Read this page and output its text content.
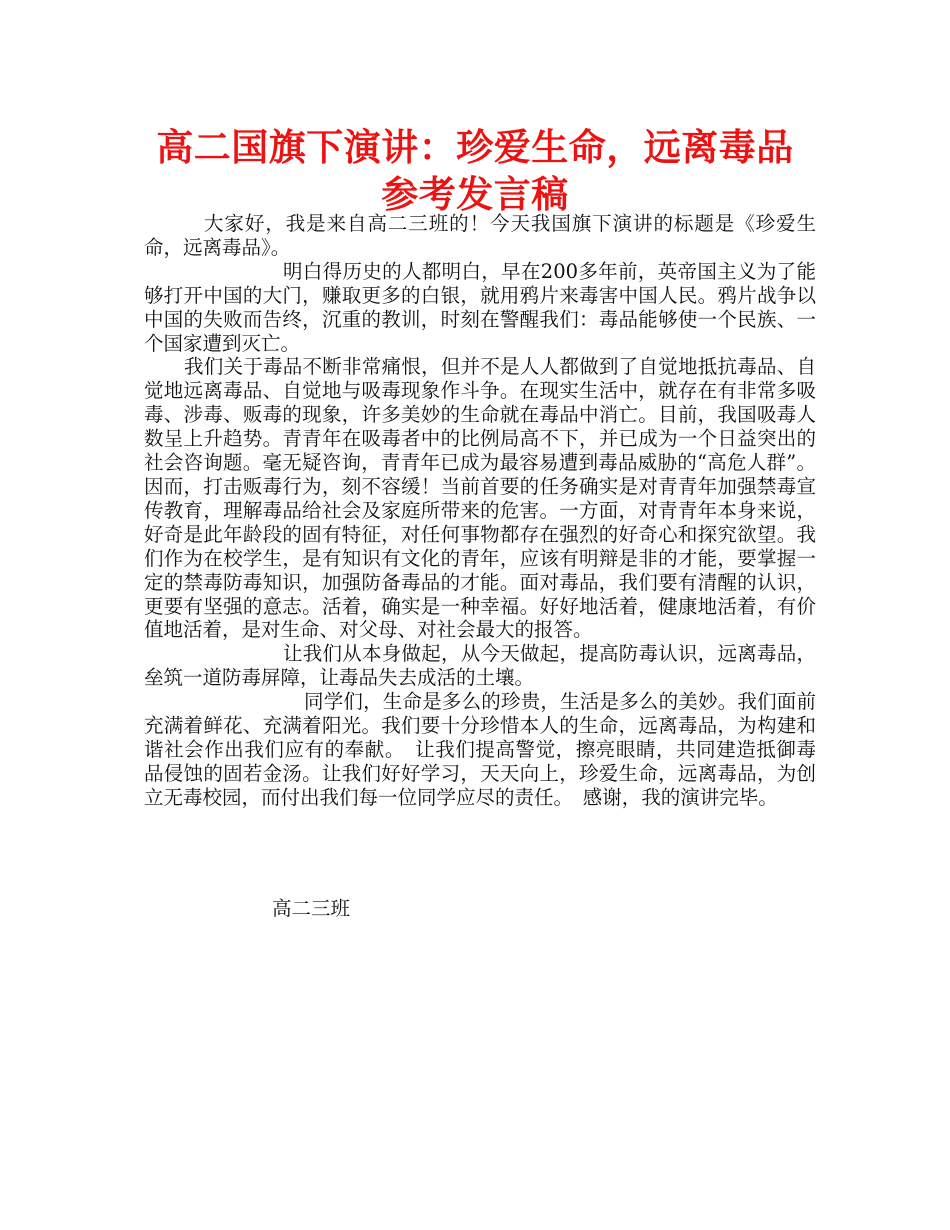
高二国旗下演讲：珍爱生命，远离毒品参考发言稿

大家好，我是来自高二三班的！今天我国旗下演讲的标题是《珍爱生命，远离毒品》。

明白得历史的人都明白，早在200多年前，英帝国主义为了能够打开中国的大门，赚取更多的白银，就用鸦片来毒害中国人民。鸦片战争以中国的失败而告终，沉重的教训，时刻在警醒我们：毒品能够使一个民族、一个国家遭到灭亡。

我们关于毒品不断非常痛恨，但并不是人人都做到了自觉地抵抗毒品、自觉地远离毒品、自觉地与吸毒现象作斗争。在现实生活中，就存在有非常多吸毒、涉毒、贩毒的现象，许多美妙的生命就在毒品中消亡。目前，我国吸毒人数呈上升趋势。青青年在吸毒者中的比例局高不下，并已成为一个日益突出的社会咨询题。毫无疑咨询，青青年已成为最容易遭到毒品威胁的“高危人群”。因而，打击贩毒行为，刻不容缓！当前首要的任务确实是对青青年加强禁毒宣传教育，理解毒品给社会及家庭所带来的危害。一方面，对青青年本身来说，好奇是此年龄段的固有特征，对任何事物都存在强烈的好奇心和探究欲望。我们作为在校学生，是有知识有文化的青年，应该有明辩是非的才能，要掌握一定的禁毒防毒知识，加强防备毒品的才能。面对毒品，我们要有清醒的认识，更要有坚强的意志。活着，确实是一种幸福。好好地活着，健康地活着，有价值地活着，是对生命、对父母、对社会最大的报答。

让我们从本身做起，从今天做起，提高防毒认识，远离毒品，垒筑一道防毒屏障，让毒品失去成活的土壤。

同学们，生命是多么的珍贵，生活是多么的美妙。我们面前充满着鲜花、充满着阳光。我们要十分珍惜本人的生命，远离毒品，为构建和谐社会作出我们应有的奉献。　让我们提高警觉，擦亮眼睛，共同建造抵御毒品侵蚀的固若金汤。让我们好好学习，天天向上，珍爱生命，远离毒品，为创立无毒校园，而付出我们每一位同学应尽的责任。　感谢，我的演讲完毕。

高二三班
